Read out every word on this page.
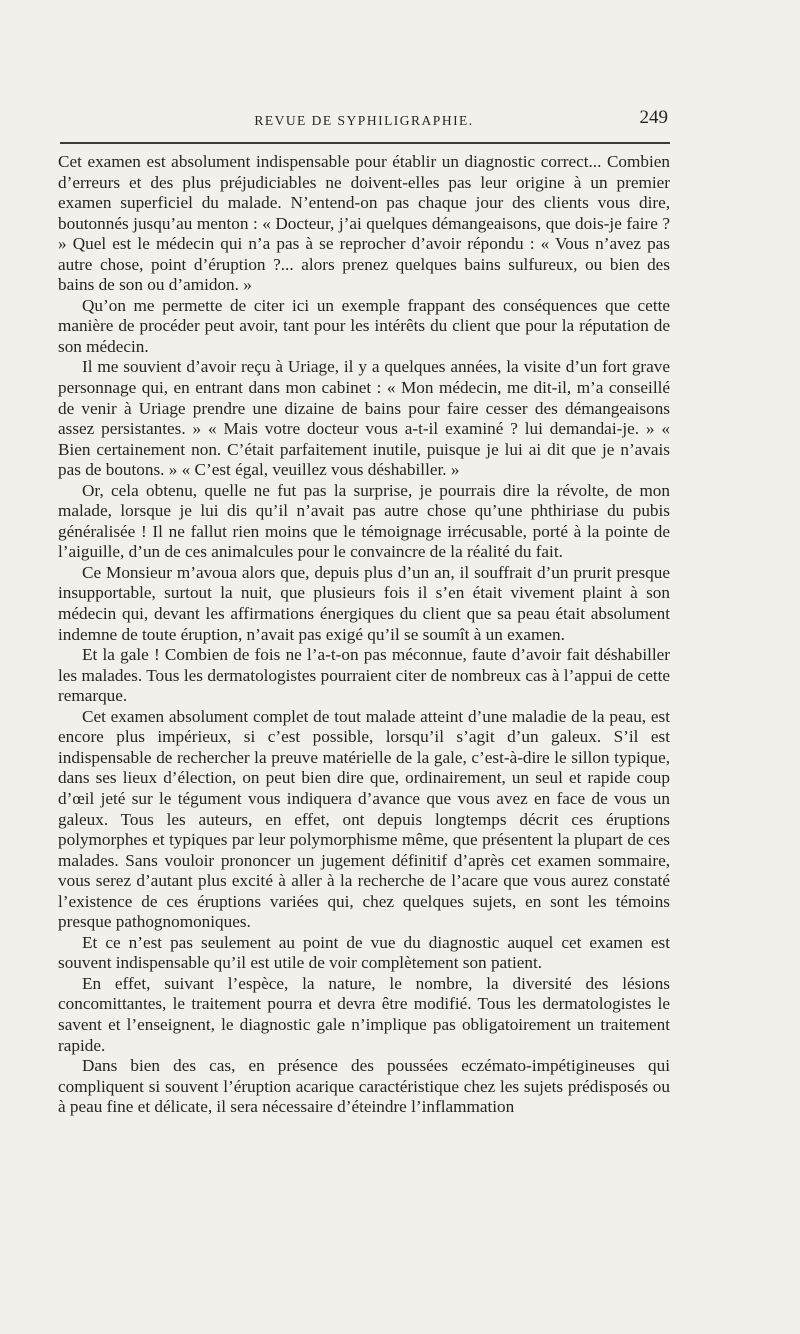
REVUE DE SYPHILIGRAPHIE.	249

Cet examen est absolument indispensable pour établir un diagnostic correct... Combien d’erreurs et des plus préjudiciables ne doivent-elles pas leur origine à un premier examen superficiel du malade. N’entend-on pas chaque jour des clients vous dire, boutonnés jusqu’au menton : « Docteur, j’ai quelques démangeaisons, que dois-je faire ? » Quel est le médecin qui n’a pas à se reprocher d’avoir répondu : « Vous n’avez pas autre chose, point d’éruption ?... alors prenez quelques bains sulfureux, ou bien des bains de son ou d’amidon. »

Qu’on me permette de citer ici un exemple frappant des conséquences que cette manière de procéder peut avoir, tant pour les intérêts du client que pour la réputation de son médecin.

Il me souvient d’avoir reçu à Uriage, il y a quelques années, la visite d’un fort grave personnage qui, en entrant dans mon cabinet : « Mon médecin, me dit-il, m’a conseillé de venir à Uriage prendre une dizaine de bains pour faire cesser des démangeaisons assez persistantes. » « Mais votre docteur vous a-t-il examiné ? lui demandai-je. » « Bien certainement non. C’était parfaitement inutile, puisque je lui ai dit que je n’avais pas de boutons. » « C’est égal, veuillez vous déshabiller. »

Or, cela obtenu, quelle ne fut pas la surprise, je pourrais dire la révolte, de mon malade, lorsque je lui dis qu’il n’avait pas autre chose qu’une phthiriase du pubis généralisée ! Il ne fallut rien moins que le témoignage irrécusable, porté à la pointe de l’aiguille, d’un de ces animalcules pour le convaincre de la réalité du fait.

Ce Monsieur m’avoua alors que, depuis plus d’un an, il souffrait d’un prurit presque insupportable, surtout la nuit, que plusieurs fois il s’en était vivement plaint à son médecin qui, devant les affirmations énergiques du client que sa peau était absolument indemne de toute éruption, n’avait pas exigé qu’il se soumît à un examen.

Et la gale ! Combien de fois ne l’a-t-on pas méconnue, faute d’avoir fait déshabiller les malades. Tous les dermatologistes pourraient citer de nombreux cas à l’appui de cette remarque.

Cet examen absolument complet de tout malade atteint d’une maladie de la peau, est encore plus impérieux, si c’est possible, lorsqu’il s’agit d’un galeux. S’il est indispensable de rechercher la preuve matérielle de la gale, c’est-à-dire le sillon typique, dans ses lieux d’élection, on peut bien dire que, ordinairement, un seul et rapide coup d’œil jeté sur le tégument vous indiquera d’avance que vous avez en face de vous un galeux. Tous les auteurs, en effet, ont depuis longtemps décrit ces éruptions polymorphes et typiques par leur polymorphisme même, que présentent la plupart de ces malades. Sans vouloir prononcer un jugement définitif d’après cet examen sommaire, vous serez d’autant plus excité à aller à la recherche de l’acare que vous aurez constaté l’existence de ces éruptions variées qui, chez quelques sujets, en sont les témoins presque pathognomoniques.

Et ce n’est pas seulement au point de vue du diagnostic auquel cet examen est souvent indispensable qu’il est utile de voir complètement son patient.

En effet, suivant l’espèce, la nature, le nombre, la diversité des lésions concomittantes, le traitement pourra et devra être modifié. Tous les dermatologistes le savent et l’enseignent, le diagnostic gale n’implique pas obligatoirement un traitement rapide.

Dans bien des cas, en présence des poussées eczémato-impétigineuses qui compliquent si souvent l’éruption acarique caractéristique chez les sujets prédisposés ou à peau fine et délicate, il sera nécessaire d’éteindre l’inflammation
